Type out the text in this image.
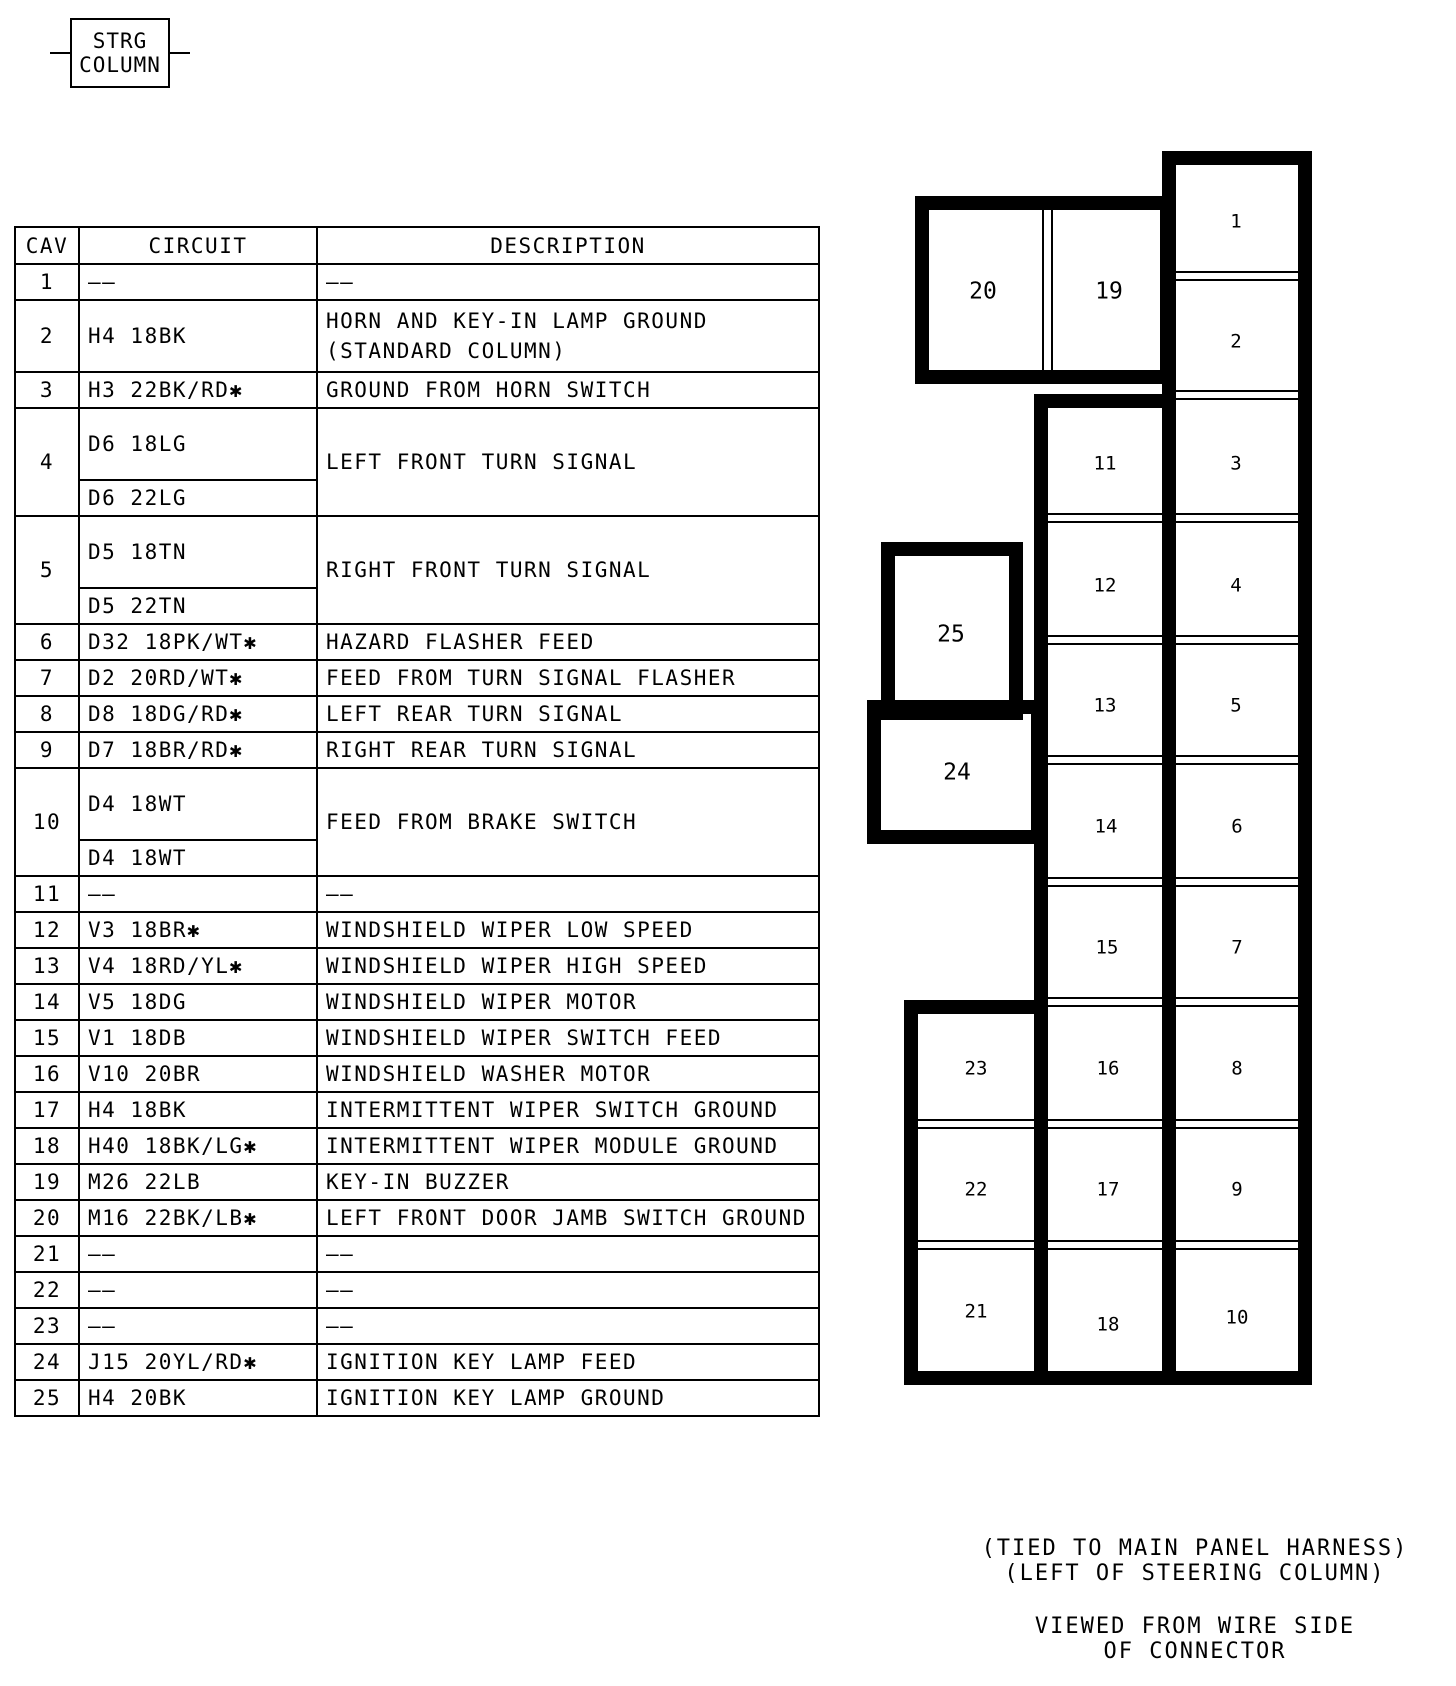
STRG
COLUMN
CAV	CIRCUIT	DESCRIPTION
1	——	——

2	H4 18BK	HORN AND KEY-IN LAMP GROUND
(STANDARD COLUMN)

3	H3 22BK/RD✱	GROUND FROM HORN SWITCH

4	D6 18LG	LEFT FRONT TURN SIGNAL

	D6 22LG	
5	D5 18TN	RIGHT FRONT TURN SIGNAL

	D5 22TN	
6	D32 18PK/WT✱	HAZARD FLASHER FEED

7	D2 20RD/WT✱	FEED FROM TURN SIGNAL FLASHER

8	D8 18DG/RD✱	LEFT REAR TURN SIGNAL

9	D7 18BR/RD✱	RIGHT REAR TURN SIGNAL

10	D4 18WT	FEED FROM BRAKE SWITCH

	D4 18WT	
11	——	——

12	V3 18BR✱	WINDSHIELD WIPER LOW SPEED

13	V4 18RD/YL✱	WINDSHIELD WIPER HIGH SPEED

14	V5 18DG	WINDSHIELD WIPER MOTOR

15	V1 18DB	WINDSHIELD WIPER SWITCH FEED

16	V10 20BR	WINDSHIELD WASHER MOTOR

17	H4 18BK	INTERMITTENT WIPER SWITCH GROUND

18	H40 18BK/LG✱	INTERMITTENT WIPER MODULE GROUND

19	M26 22LB	KEY-IN BUZZER

20	M16 22BK/LB✱	LEFT FRONT DOOR JAMB SWITCH GROUND

21	——	——

22	——	——

23	——	——

24	J15 20YL/RD✱	IGNITION KEY LAMP FEED

25	H4 20BK	IGNITION KEY LAMP GROUND
1
2
3
4
5
6
7
8
9
10
11
12
13
14
15
16
17
18
19
20
21
22
23
24
25
(TIED TO MAIN PANEL HARNESS)
(LEFT OF STEERING COLUMN)
VIEWED FROM WIRE SIDE
OF CONNECTOR
